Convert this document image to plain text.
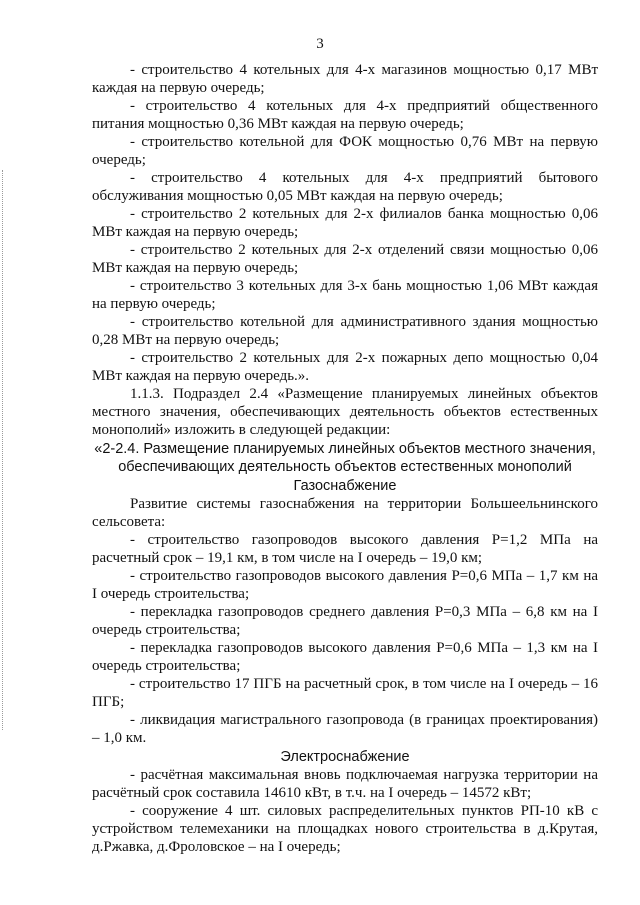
3

- строительство 4 котельных для 4-х магазинов мощностью 0,17 МВт каждая на первую очередь;

- строительство 4 котельных для 4-х предприятий общественного питания мощностью 0,36 МВт каждая на первую очередь;

- строительство котельной для ФОК мощностью 0,76 МВт на первую очередь;

- строительство 4 котельных для 4-х предприятий бытового обслуживания мощностью 0,05 МВт каждая на первую очередь;

- строительство 2 котельных для 2-х филиалов банка мощностью 0,06 МВт каждая на первую очередь;

- строительство 2 котельных для 2-х отделений связи мощностью 0,06 МВт каждая на первую очередь;

- строительство 3 котельных для 3-х бань мощностью 1,06 МВт каждая на первую очередь;

- строительство котельной для административного здания мощностью 0,28 МВт на первую очередь;

- строительство 2 котельных для 2-х пожарных депо мощностью 0,04 МВт каждая на первую очередь.».

1.1.3. Подраздел 2.4 «Размещение планируемых линейных объектов местного значения, обеспечивающих деятельность объектов естественных монополий» изложить в следующей редакции:

«2-2.4. Размещение планируемых линейных объектов местного значения, обеспечивающих деятельность объектов естественных монополий

Газоснабжение

Развитие системы газоснабжения на территории Большеельнинского сельсовета:

- строительство газопроводов высокого давления Р=1,2 МПа на расчетный срок – 19,1 км, в том числе на I очередь – 19,0 км;

- строительство газопроводов высокого давления Р=0,6 МПа – 1,7 км на I очередь строительства;

- перекладка газопроводов среднего давления Р=0,3 МПа – 6,8 км на I очередь строительства;

- перекладка газопроводов высокого давления Р=0,6 МПа – 1,3 км на I очередь строительства;

- строительство 17 ПГБ на расчетный срок, в том числе на I очередь – 16 ПГБ;

- ликвидация магистрального газопровода (в границах проектирования) – 1,0 км.

Электроснабжение

- расчётная максимальная вновь подключаемая нагрузка территории на расчётный срок составила 14610 кВт, в т.ч. на I очередь – 14572 кВт;

- сооружение 4 шт. силовых распределительных пунктов РП-10 кВ с устройством телемеханики на площадках нового строительства в д.Крутая, д.Ржавка, д.Фроловское – на I очередь;
